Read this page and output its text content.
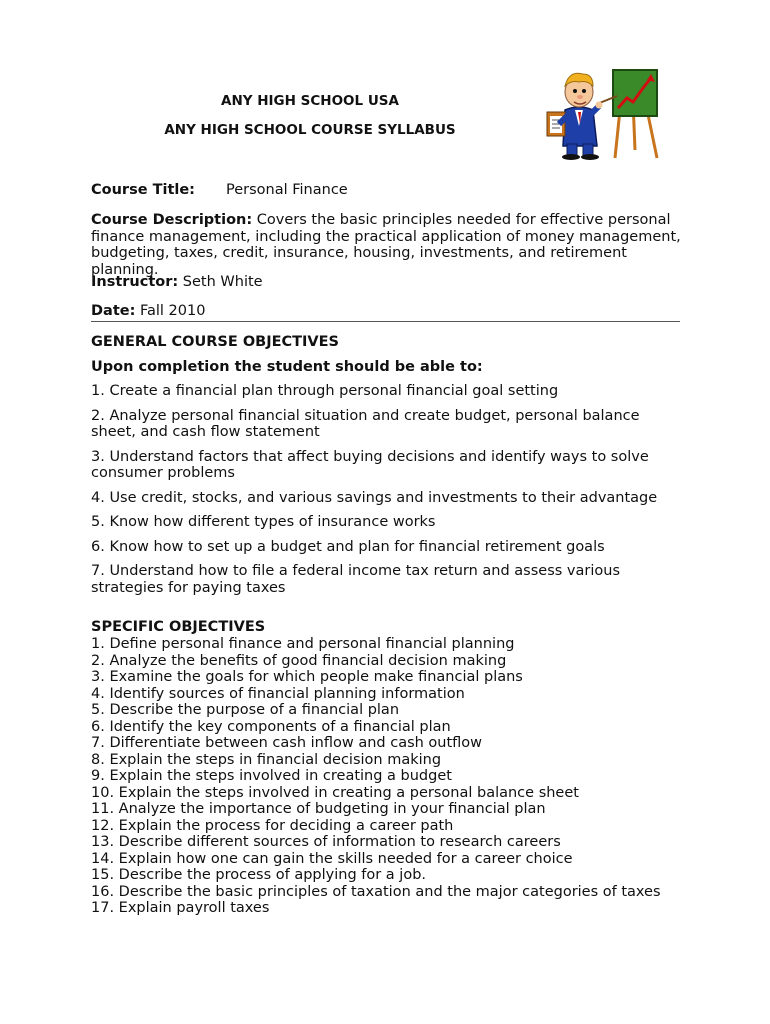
ANY HIGH SCHOOL USA
ANY HIGH SCHOOL COURSE SYLLABUS
Course Title: Personal Finance
Course Description: Covers the basic principles needed for effective personal finance management, including the practical application of money management, budgeting, taxes, credit, insurance, housing, investments, and retirement planning.
Instructor: Seth White
Date: Fall 2010
GENERAL COURSE OBJECTIVES
Upon completion the student should be able to:
1. Create a financial plan through personal financial goal setting
2. Analyze personal financial situation and create budget, personal balance sheet, and cash flow statement
3. Understand factors that affect buying decisions and identify ways to solve consumer problems
4. Use credit, stocks, and various savings and investments to their advantage
5. Know how different types of insurance works
6. Know how to set up a budget and plan for financial retirement goals
7. Understand how to file a federal income tax return and assess various strategies for paying taxes
SPECIFIC OBJECTIVES
1. Define personal finance and personal financial planning
2. Analyze the benefits of good financial decision making
3. Examine the goals for which people make financial plans
4. Identify sources of financial planning information
5. Describe the purpose of a financial plan
6. Identify the key components of a financial plan
7. Differentiate between cash inflow and cash outflow
8. Explain the steps in financial decision making
9. Explain the steps involved in creating a budget
10. Explain the steps involved in creating a personal balance sheet
11. Analyze the importance of budgeting in your financial plan
12. Explain the process for deciding a career path
13. Describe different sources of information to research careers
14. Explain how one can gain the skills needed for a career choice
15. Describe the process of applying for a job.
16. Describe the basic principles of taxation and the major categories of taxes
17. Explain payroll taxes
